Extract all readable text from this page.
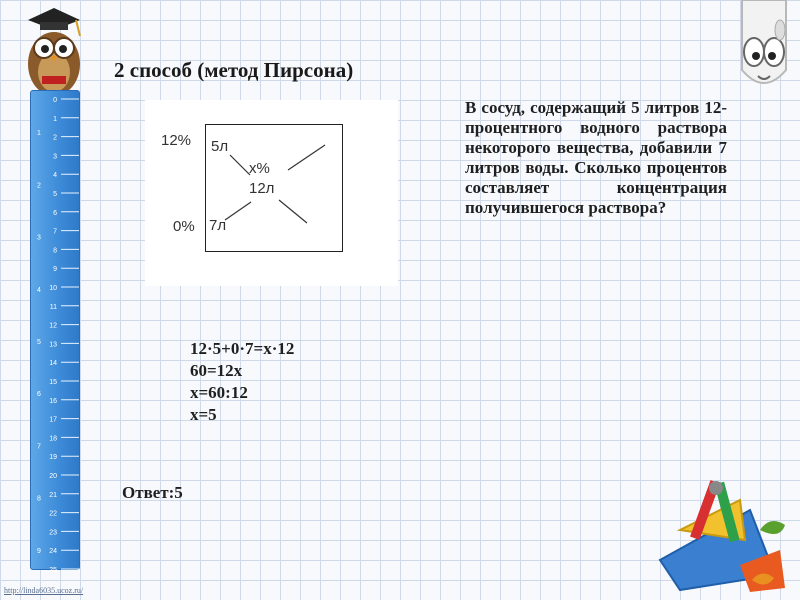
2 способ (метод Пирсона)
0
1
2
3
4
5
6
7
8
9
10
11
12
13
14
15
16
17
18
19
20
21
22
23
24
25
1
2
3
4
5
6
7
8
9
12%
0%
5л
х%
12л
7л

В сосуд, содержащий 5 литров 12-процентного водного раствора некоторого вещества, добавили 7 литров воды. Сколько процентов составляет концентрация получившегося раствора?

12·5+0·7=х·12
60=12х
х=60:12
х=5
Ответ:5
http://linda6035.ucoz.ru/
